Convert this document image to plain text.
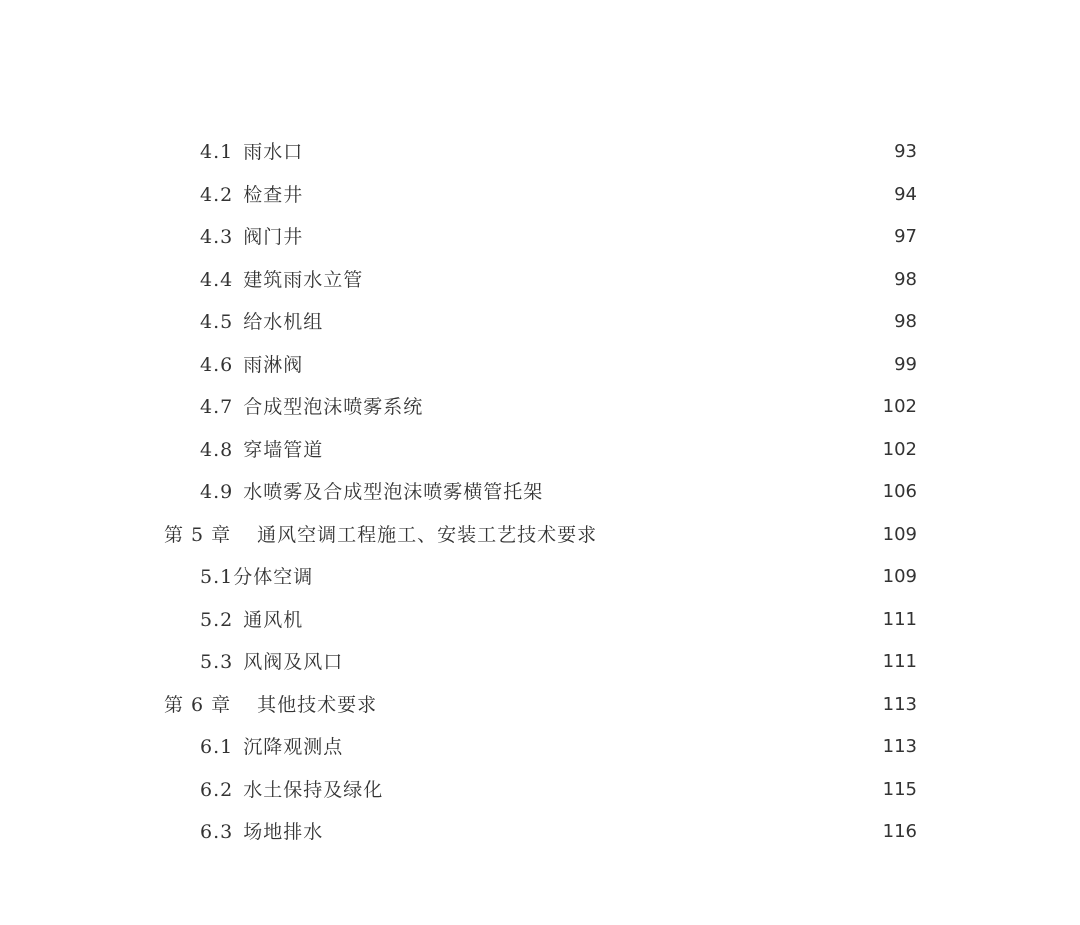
4.1 雨水口	93
4.2 检查井	94
4.3 阀门井	97
4.4 建筑雨水立管	98
4.5 给水机组	98
4.6 雨淋阀	99
4.7 合成型泡沫喷雾系统	102
4.8 穿墙管道	102
4.9 水喷雾及合成型泡沫喷雾横管托架	106
第 5 章 通风空调工程施工、安装工艺技术要求	109
5.1 分体空调	109
5.2 通风机	111
5.3 风阀及风口	111
第 6 章 其他技术要求	113
6.1 沉降观测点	113
6.2 水土保持及绿化	115
6.3 场地排水	116
